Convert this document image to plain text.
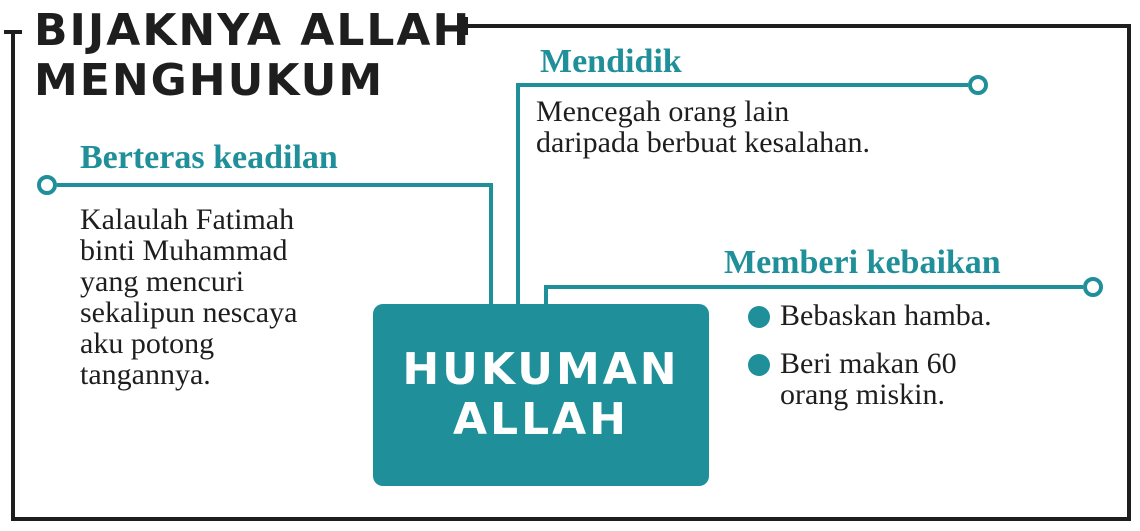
BIJAKNYA ALLAH
MENGHUKUM	Mendidik
Mencegah orang lain
daripada berbuat kesalahan.
Berteras keadilan
Kalaulah Fatimah
binti Muhammad
yang mencuri
sekalipun nescaya
aku potong
tangannya.
Memberi kebaikan
Bebaskan hamba.
Beri makan 60
orang miskin.
HUKUMAN
ALLAH
